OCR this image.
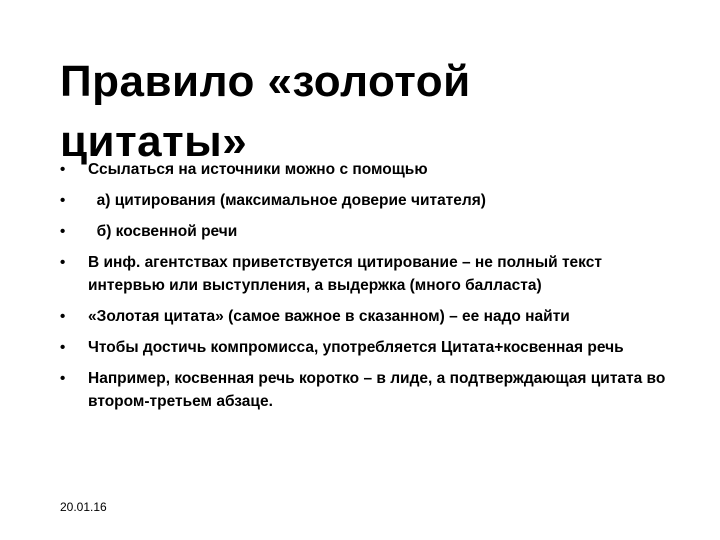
Правило «золотой цитаты»
• Ссылаться на источники можно с помощью
• а) цитирования (максимальное доверие читателя)
• б) косвенной речи
• В инф. агентствах приветствуется цитирование – не полный текст интервью или выступления, а выдержка (много балласта)
• «Золотая цитата» (самое важное в сказанном) – ее надо найти
• Чтобы достичь компромисса, употребляется Цитата+косвенная речь
• Например, косвенная речь коротко – в лиде, а подтверждающая цитата во втором-третьем абзаце.
20.01.16
